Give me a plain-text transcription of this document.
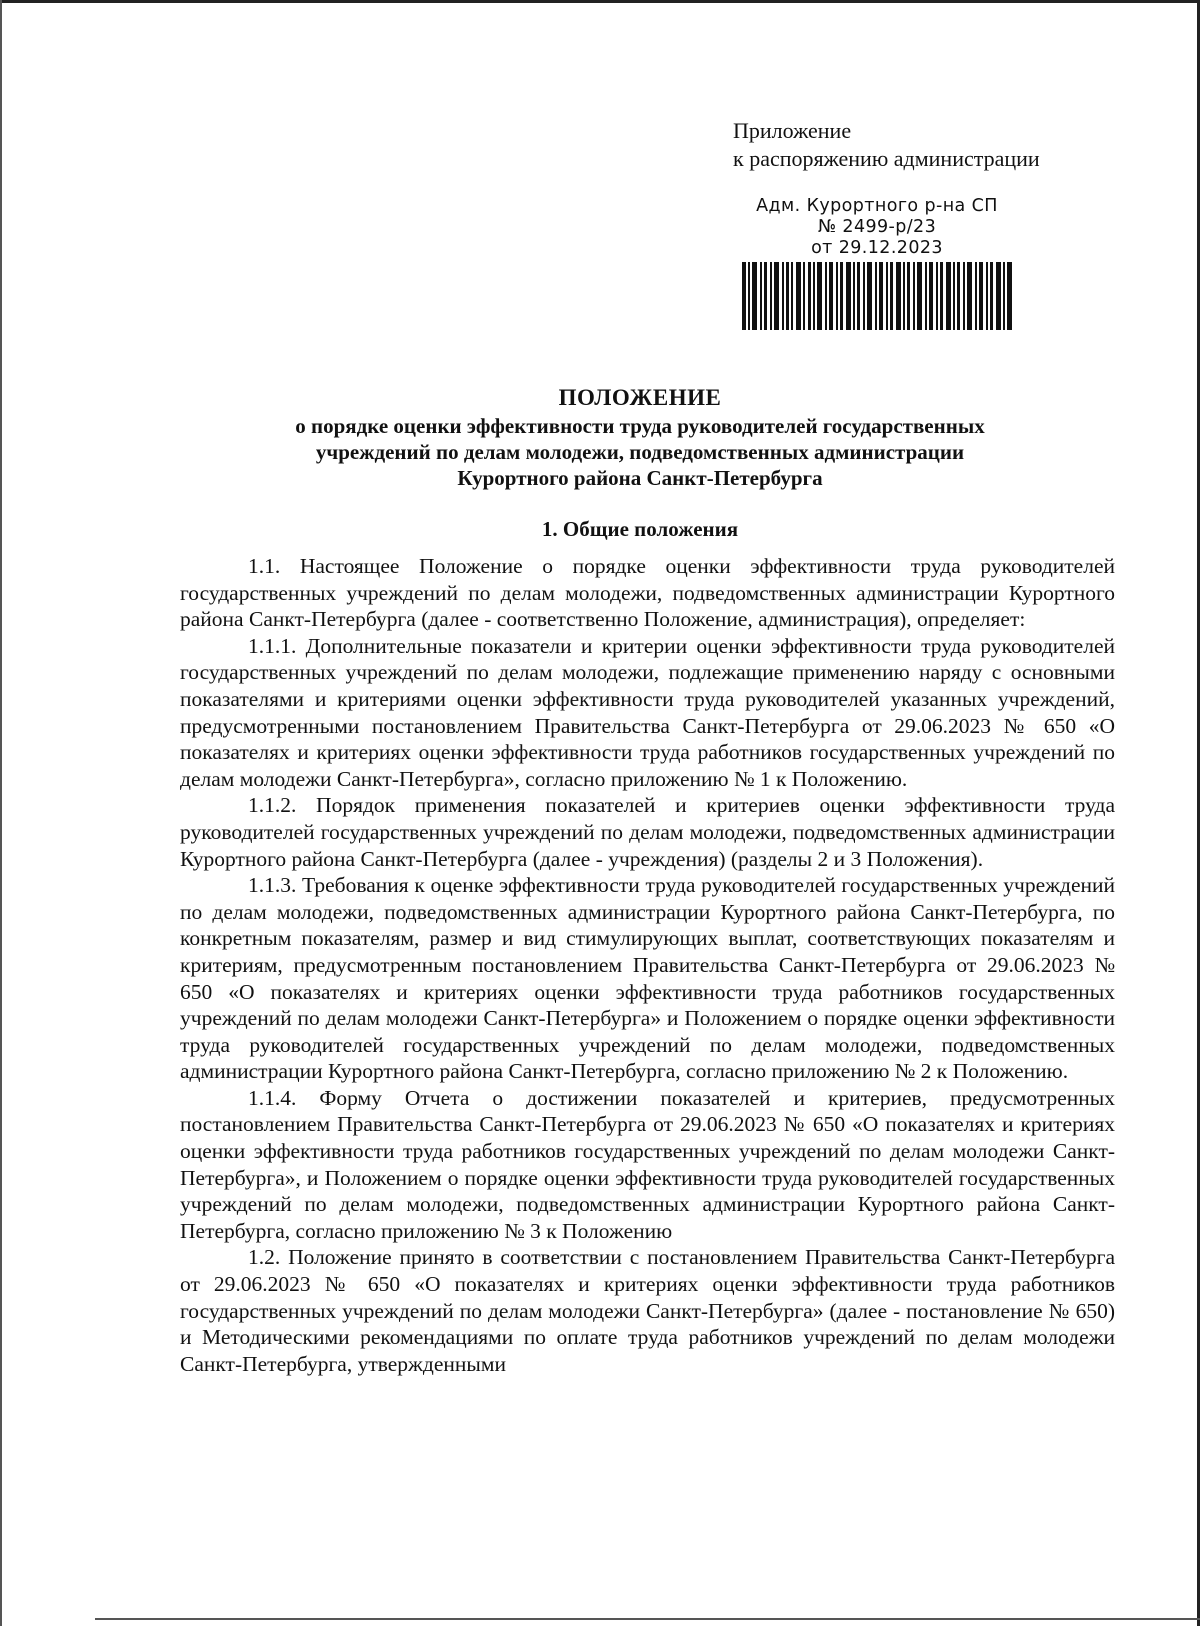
Приложение
к распоряжению администрации
Адм. Курортного р-на СП
№ 2499-р/23
от 29.12.2023
ПОЛОЖЕНИЕ
о порядке оценки эффективности труда руководителей государственных
учреждений по делам молодежи, подведомственных администрации
Курортного района Санкт-Петербурга
1. Общие положения

1.1. Настоящее Положение о порядке оценки эффективности труда руководителей государственных учреждений по делам молодежи, подведомственных администрации Курортного района Санкт-Петербурга (далее - соответственно Положение, администрация), определяет:

1.1.1. Дополнительные показатели и критерии оценки эффективности труда руководителей государственных учреждений по делам молодежи, подлежащие применению наряду с основными показателями и критериями оценки эффективности труда руководителей указанных учреждений, предусмотренными постановлением Правительства Санкт-Петербурга от 29.06.2023 № 650 «О показателях и критериях оценки эффективности труда работников государственных учреждений по делам молодежи Санкт-Петербурга», согласно приложению № 1 к Положению.

1.1.2. Порядок применения показателей и критериев оценки эффективности труда руководителей государственных учреждений по делам молодежи, подведомственных администрации Курортного района Санкт-Петербурга (далее - учреждения) (разделы 2 и 3 Положения).

1.1.3. Требования к оценке эффективности труда руководителей государственных учреждений по делам молодежи, подведомственных администрации Курортного района Санкт-Петербурга, по конкретным показателям, размер и вид стимулирующих выплат, соответствующих показателям и критериям, предусмотренным постановлением Правительства Санкт-Петербурга от 29.06.2023 № 650 «О показателях и критериях оценки эффективности труда работников государственных учреждений по делам молодежи Санкт-Петербурга» и Положением о порядке оценки эффективности труда руководителей государственных учреждений по делам молодежи, подведомственных администрации Курортного района Санкт-Петербурга, согласно приложению № 2 к Положению.

1.1.4. Форму Отчета о достижении показателей и критериев, предусмотренных постановлением Правительства Санкт-Петербурга от 29.06.2023 № 650 «О показателях и критериях оценки эффективности труда работников государственных учреждений по делам молодежи Санкт-Петербурга», и Положением о порядке оценки эффективности труда руководителей государственных учреждений по делам молодежи, подведомственных администрации Курортного района Санкт-Петербурга, согласно приложению № 3 к Положению

1.2. Положение принято в соответствии с постановлением Правительства Санкт-Петербурга от 29.06.2023 № 650 «О показателях и критериях оценки эффективности труда работников государственных учреждений по делам молодежи Санкт-Петербурга» (далее - постановление № 650) и Методическими рекомендациями по оплате труда работников учреждений по делам молодежи Санкт-Петербурга, утвержденными
